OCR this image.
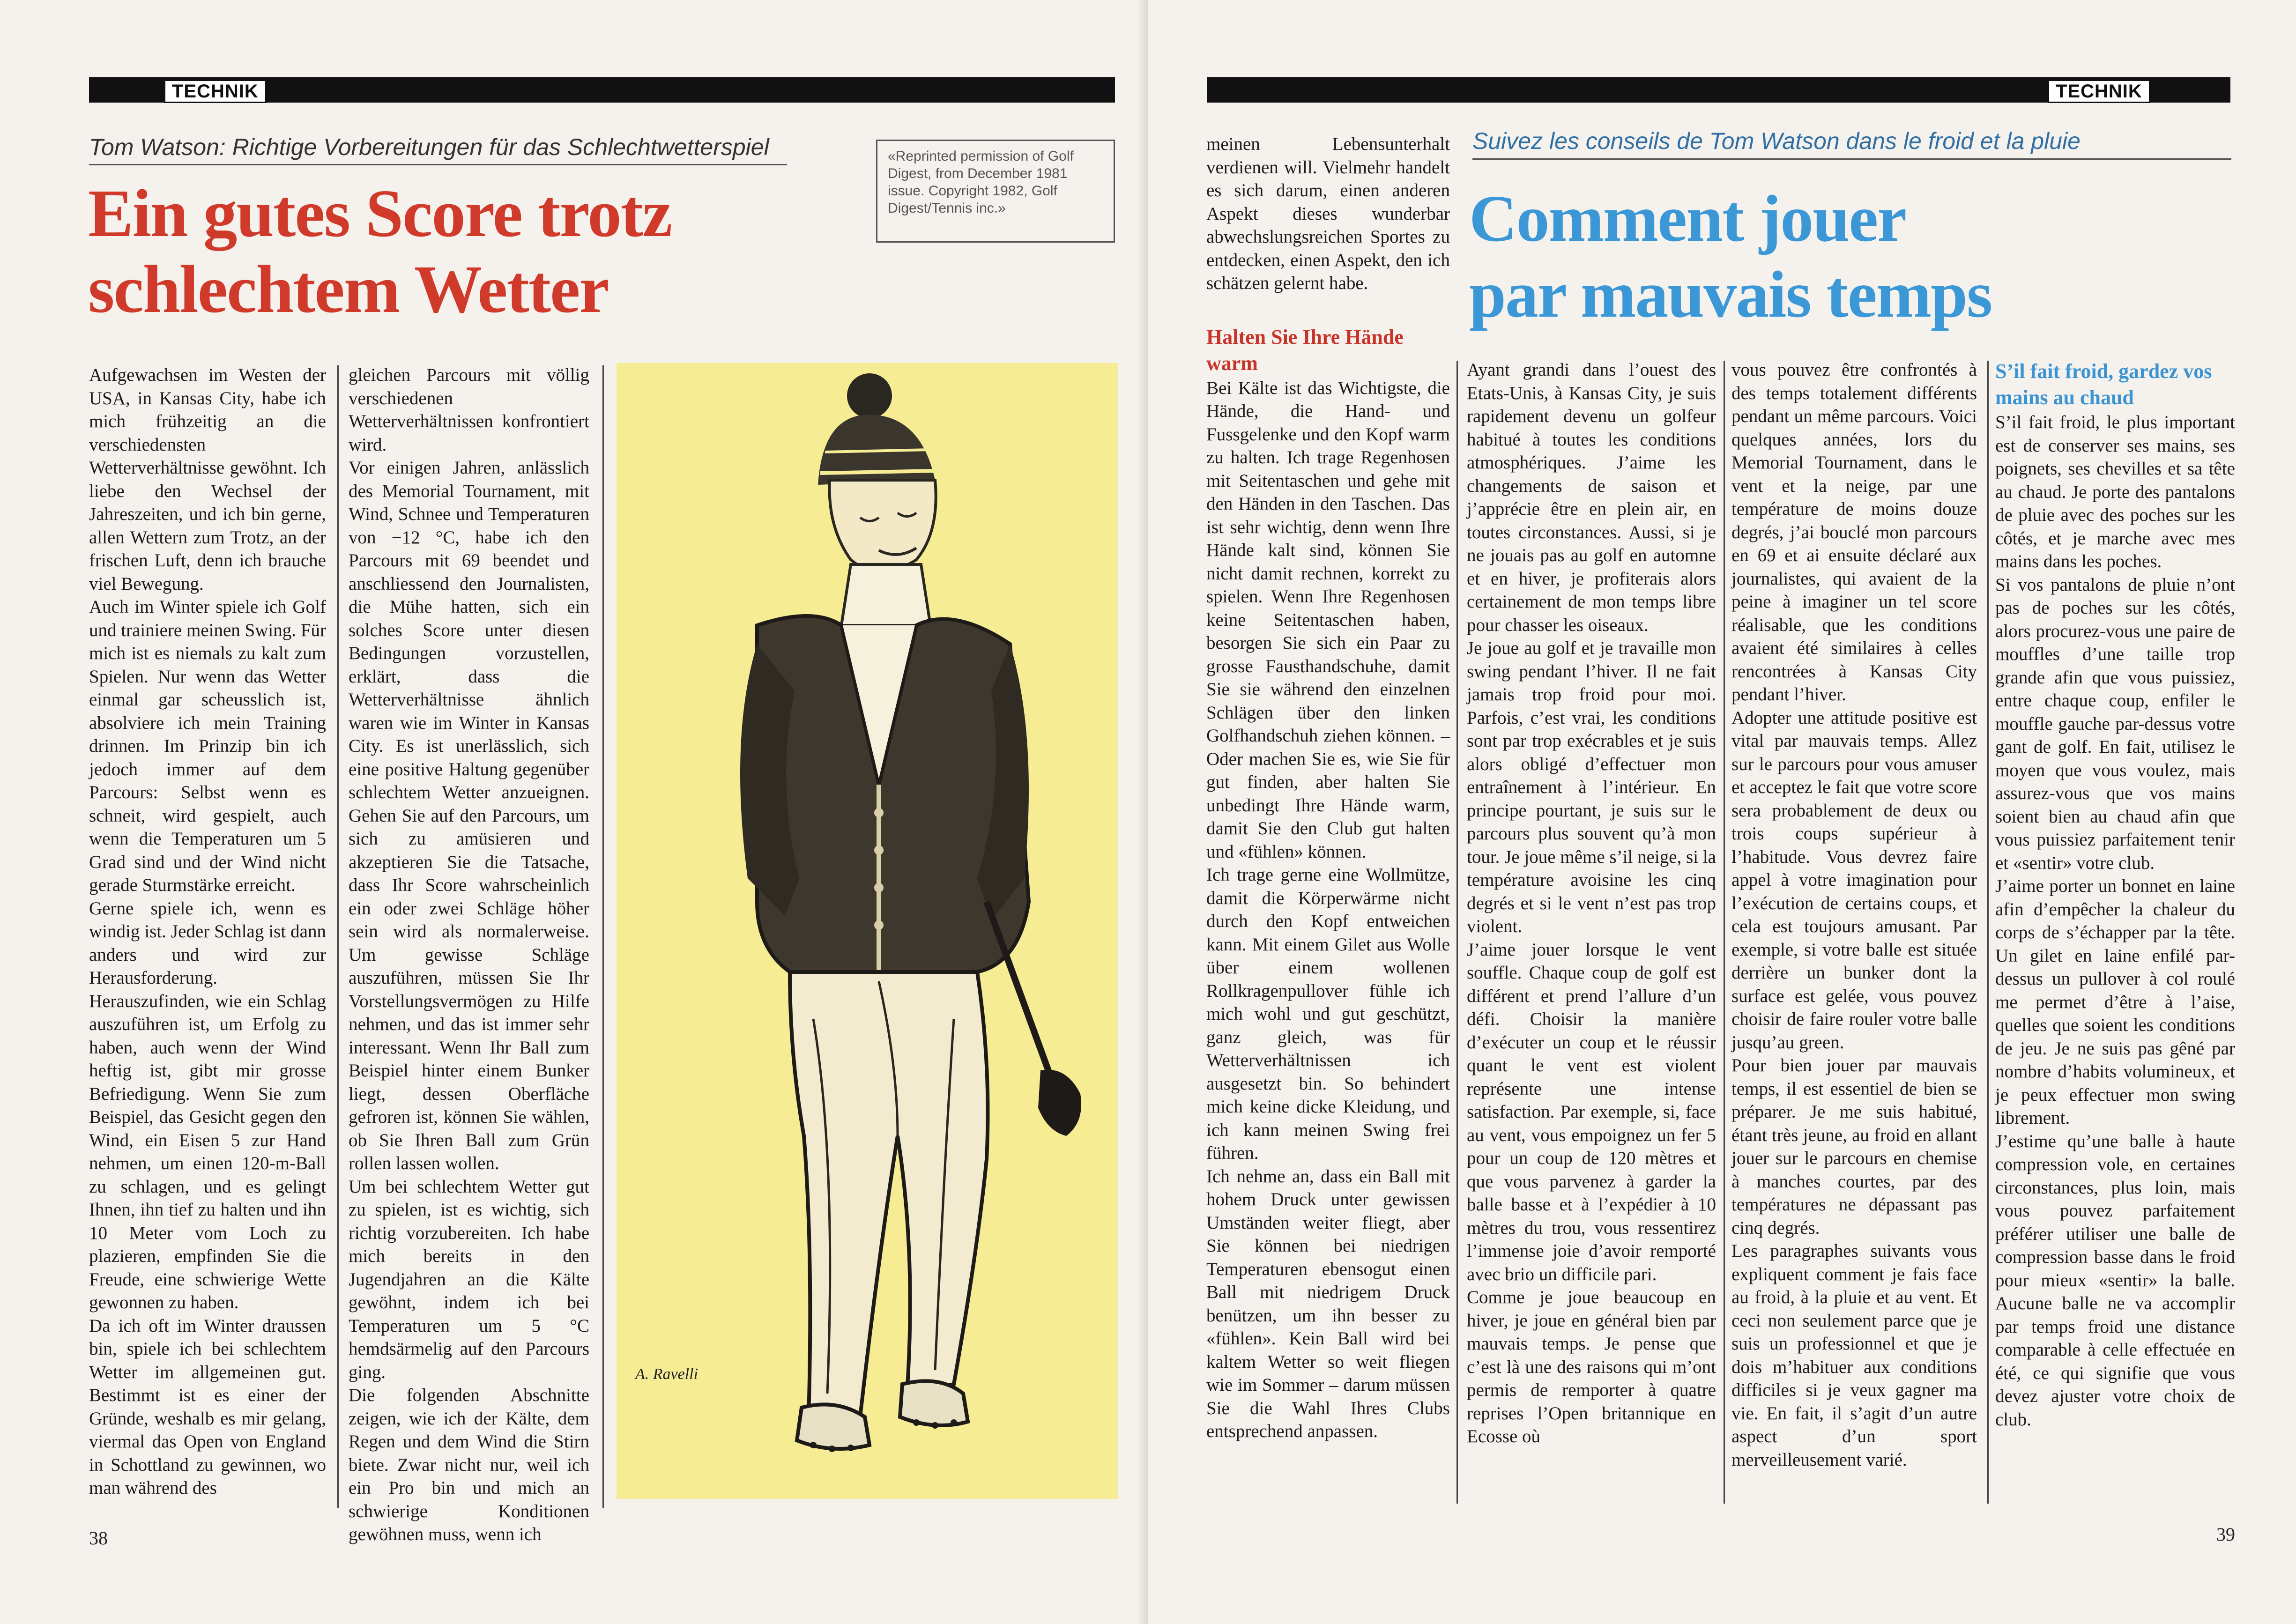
TECHNIK
Tom Watson: Richtige Vorbereitungen für das Schlechtwetterspiel
Ein gutes Score trotz
schlechtem Wetter
«Reprinted permission of Golf Digest, from December 1981 issue. Copyright 1982, Golf Digest/Tennis inc.»

Aufgewachsen im Westen der USA, in Kansas City, habe ich mich frühzeitig an die verschiedensten Wetterverhältnisse gewöhnt. Ich liebe den Wechsel der Jahreszeiten, und ich bin gerne, allen Wettern zum Trotz, an der frischen Luft, denn ich brauche viel Bewegung.

Auch im Winter spiele ich Golf und trainiere meinen Swing. Für mich ist es niemals zu kalt zum Spielen. Nur wenn das Wetter einmal gar scheusslich ist, absolviere ich mein Training drinnen. Im Prinzip bin ich jedoch immer auf dem Parcours: Selbst wenn es schneit, wird gespielt, auch wenn die Temperaturen um 5 Grad sind und der Wind nicht gerade Sturmstärke erreicht.

Gerne spiele ich, wenn es windig ist. Jeder Schlag ist dann anders und wird zur Herausforderung. Herauszufinden, wie ein Schlag auszuführen ist, um Erfolg zu haben, auch wenn der Wind heftig ist, gibt mir grosse Befriedigung. Wenn Sie zum Beispiel, das Gesicht gegen den Wind, ein Eisen 5 zur Hand nehmen, um einen 120-m-Ball zu schlagen, und es gelingt Ihnen, ihn tief zu halten und ihn 10 Meter vom Loch zu plazieren, empfinden Sie die Freude, eine schwierige Wette gewonnen zu haben.

Da ich oft im Winter draussen bin, spiele ich bei schlechtem Wetter im allgemeinen gut. Bestimmt ist es einer der Gründe, weshalb es mir gelang, viermal das Open von England in Schottland zu gewinnen, wo man während des

gleichen Parcours mit völlig verschiedenen Wetterverhältnissen konfrontiert wird.

Vor einigen Jahren, anlässlich des Memorial Tournament, mit Wind, Schnee und Temperaturen von −12 °C, habe ich den Parcours mit 69 beendet und anschliessend den Journalisten, die Mühe hatten, sich ein solches Score unter diesen Bedingungen vorzustellen, erklärt, dass die Wetterverhältnisse ähnlich waren wie im Winter in Kansas City. Es ist unerlässlich, sich eine positive Haltung gegenüber schlechtem Wetter anzueignen. Gehen Sie auf den Parcours, um sich zu amüsieren und akzeptieren Sie die Tatsache, dass Ihr Score wahrscheinlich ein oder zwei Schläge höher sein wird als normalerweise. Um gewisse Schläge auszuführen, müssen Sie Ihr Vorstellungsvermögen zu Hilfe nehmen, und das ist immer sehr interessant. Wenn Ihr Ball zum Beispiel hinter einem Bunker liegt, dessen Oberfläche gefroren ist, können Sie wählen, ob Sie Ihren Ball zum Grün rollen lassen wollen.

Um bei schlechtem Wetter gut zu spielen, ist es wichtig, sich richtig vorzubereiten. Ich habe mich bereits in den Jugendjahren an die Kälte gewöhnt, indem ich bei Temperaturen um 5 °C hemdsärmelig auf den Parcours ging.

Die folgenden Abschnitte zeigen, wie ich der Kälte, dem Regen und dem Wind die Stirn biete. Zwar nicht nur, weil ich ein Pro bin und mich an schwierige Konditionen gewöhnen muss, wenn ich

A. Ravelli
38
TECHNIK
Suivez les conseils de Tom Watson dans le froid et la pluie
Comment jouer
par mauvais temps

meinen Lebensunterhalt verdienen will. Vielmehr handelt es sich darum, einen anderen Aspekt dieses wunderbar abwechslungsreichen Sportes zu entdecken, einen Aspekt, den ich schätzen gelernt habe.

Halten Sie Ihre Hände warm

Bei Kälte ist das Wichtigste, die Hände, die Hand- und Fussgelenke und den Kopf warm zu halten. Ich trage Regenhosen mit Seitentaschen und gehe mit den Händen in den Taschen. Das ist sehr wichtig, denn wenn Ihre Hände kalt sind, können Sie nicht damit rechnen, korrekt zu spielen. Wenn Ihre Regenhosen keine Seitentaschen haben, besorgen Sie sich ein Paar zu grosse Fausthandschuhe, damit Sie sie während den einzelnen Schlägen über den linken Golfhandschuh ziehen können. – Oder machen Sie es, wie Sie für gut finden, aber halten Sie unbedingt Ihre Hände warm, damit Sie den Club gut halten und «fühlen» können.

Ich trage gerne eine Wollmütze, damit die Körperwärme nicht durch den Kopf entweichen kann. Mit einem Gilet aus Wolle über einem wollenen Rollkragenpullover fühle ich mich wohl und gut geschützt, ganz gleich, was für Wetterverhältnissen ich ausgesetzt bin. So behindert mich keine dicke Kleidung, und ich kann meinen Swing frei führen.

Ich nehme an, dass ein Ball mit hohem Druck unter gewissen Umständen weiter fliegt, aber Sie können bei niedrigen Temperaturen ebensogut einen Ball mit niedrigem Druck benützen, um ihn besser zu «fühlen». Kein Ball wird bei kaltem Wetter so weit fliegen wie im Sommer – darum müssen Sie die Wahl Ihres Clubs entsprechend anpassen.

Ayant grandi dans l’ouest des Etats-Unis, à Kansas City, je suis rapidement devenu un golfeur habitué à toutes les conditions atmosphériques. J’aime les changements de saison et j’apprécie être en plein air, en toutes circonstances. Aussi, si je ne jouais pas au golf en automne et en hiver, je profiterais alors certainement de mon temps libre pour chasser les oiseaux.

Je joue au golf et je travaille mon swing pendant l’hiver. Il ne fait jamais trop froid pour moi. Parfois, c’est vrai, les conditions sont par trop exécrables et je suis alors obligé d’effectuer mon entraînement à l’intérieur. En principe pourtant, je suis sur le parcours plus souvent qu’à mon tour. Je joue même s’il neige, si la température avoisine les cinq degrés et si le vent n’est pas trop violent.

J’aime jouer lorsque le vent souffle. Chaque coup de golf est différent et prend l’allure d’un défi. Choisir la manière d’exécuter un coup et le réussir quant le vent est violent représente une intense satisfaction. Par exemple, si, face au vent, vous empoignez un fer 5 pour un coup de 120 mètres et que vous parvenez à garder la balle basse et à l’expédier à 10 mètres du trou, vous ressentirez l’immense joie d’avoir remporté avec brio un difficile pari.

Comme je joue beaucoup en hiver, je joue en général bien par mauvais temps. Je pense que c’est là une des raisons qui m’ont permis de remporter à quatre reprises l’Open britannique en Ecosse où

vous pouvez être confrontés à des temps totalement différents pendant un même parcours. Voici quelques années, lors du Memorial Tournament, dans le vent et la neige, par une température de moins douze degrés, j’ai bouclé mon parcours en 69 et ai ensuite déclaré aux journalistes, qui avaient de la peine à imaginer un tel score réalisable, que les conditions avaient été similaires à celles rencontrées à Kansas City pendant l’hiver.

Adopter une attitude positive est vital par mauvais temps. Allez sur le parcours pour vous amuser et acceptez le fait que votre score sera probablement de deux ou trois coups supérieur à l’habitude. Vous devrez faire appel à votre imagination pour l’exécution de certains coups, et cela est toujours amusant. Par exemple, si votre balle est située derrière un bunker dont la surface est gelée, vous pouvez choisir de faire rouler votre balle jusqu’au green.

Pour bien jouer par mauvais temps, il est essentiel de bien se préparer. Je me suis habitué, étant très jeune, au froid en allant jouer sur le parcours en chemise à manches courtes, par des températures ne dépassant pas cinq degrés.

Les paragraphes suivants vous expliquent comment je fais face au froid, à la pluie et au vent. Et ceci non seulement parce que je suis un professionnel et que je dois m’habituer aux conditions difficiles si je veux gagner ma vie. En fait, il s’agit d’un autre aspect d’un sport merveilleusement varié.

S’il fait froid, gardez vos mains au chaud

S’il fait froid, le plus important est de conserver ses mains, ses poignets, ses chevilles et sa tête au chaud. Je porte des pantalons de pluie avec des poches sur les côtés, et je marche avec mes mains dans les poches.

Si vos pantalons de pluie n’ont pas de poches sur les côtés, alors procurez-vous une paire de mouffles d’une taille trop grande afin que vous puissiez, entre chaque coup, enfiler le mouffle gauche par-dessus votre gant de golf. En fait, utilisez le moyen que vous voulez, mais assurez-vous que vos mains soient bien au chaud afin que vous puissiez parfaitement tenir et «sentir» votre club.

J’aime porter un bonnet en laine afin d’empêcher la chaleur du corps de s’échapper par la tête. Un gilet en laine enfilé par-dessus un pullover à col roulé me permet d’être à l’aise, quelles que soient les conditions de jeu. Je ne suis pas gêné par nombre d’habits volumineux, et je peux effectuer mon swing librement.

J’estime qu’une balle à haute compression vole, en certaines circonstances, plus loin, mais vous pouvez parfaitement préférer utiliser une balle de compression basse dans le froid pour mieux «sentir» la balle. Aucune balle ne va accomplir par temps froid une distance comparable à celle effectuée en été, ce qui signifie que vous devez ajuster votre choix de club.

39
